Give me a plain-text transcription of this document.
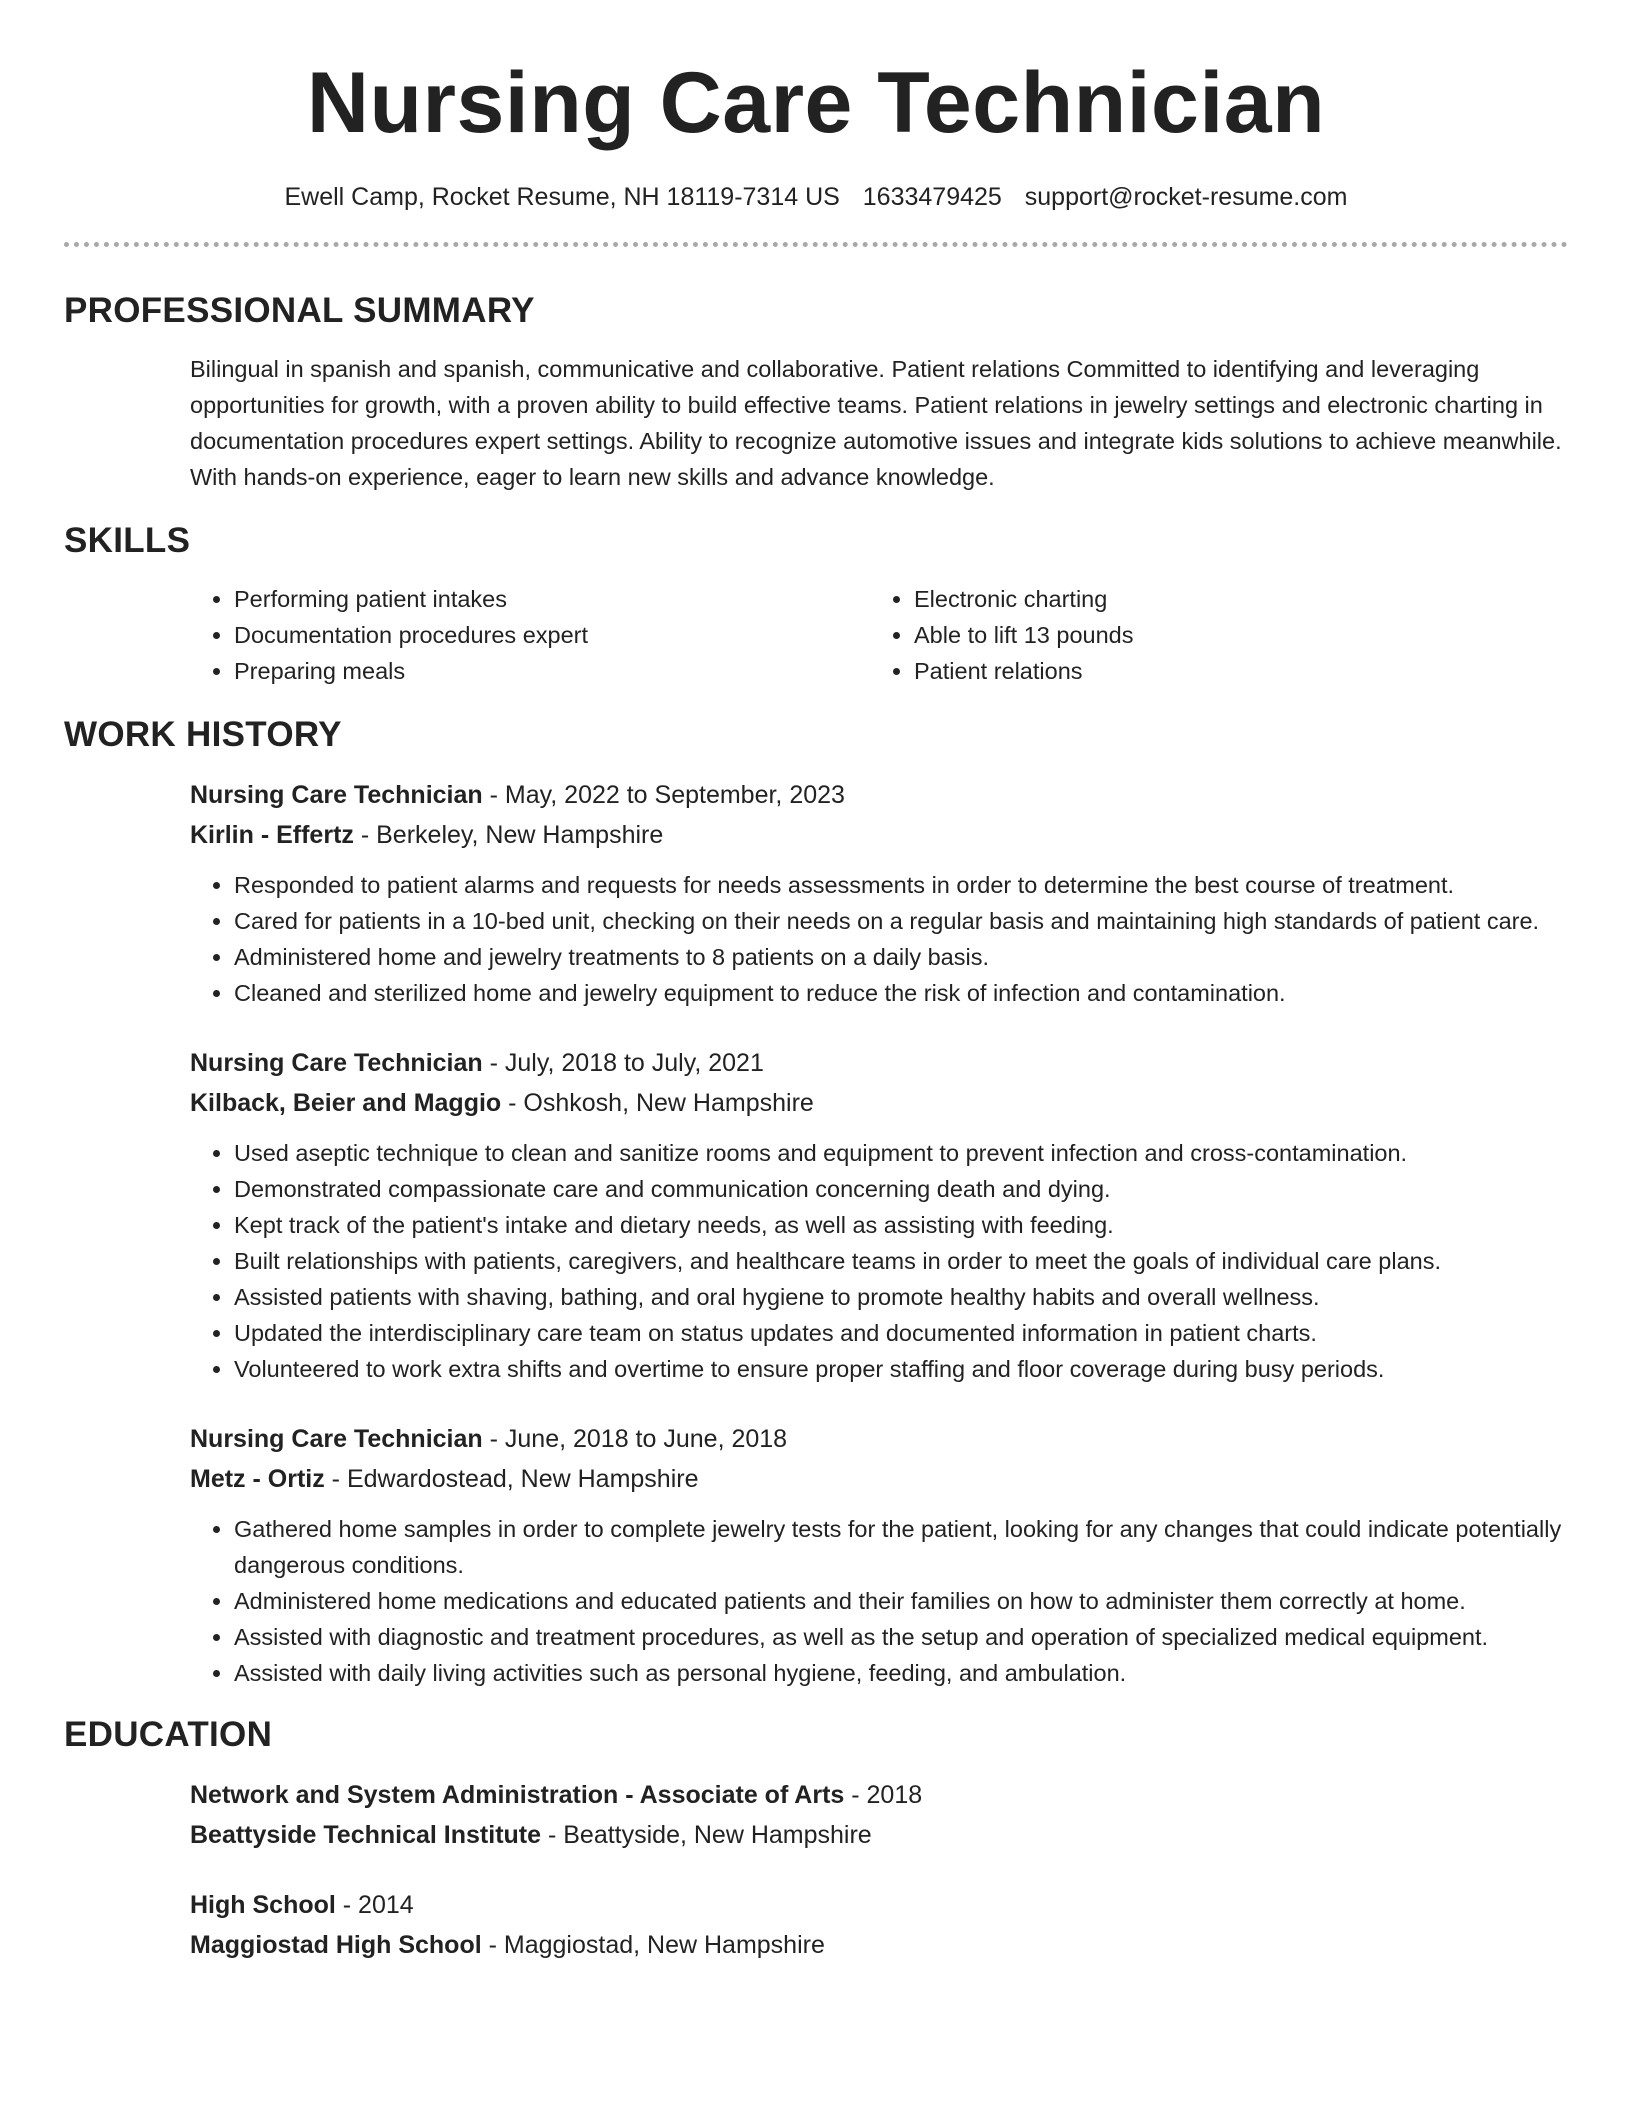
Nursing Care Technician
Ewell Camp, Rocket Resume, NH 18119-7314 US 1633479425 support@rocket-resume.com
PROFESSIONAL SUMMARY

Bilingual in spanish and spanish, communicative and collaborative. Patient relations Committed to identifying and leveraging opportunities for growth, with a proven ability to build effective teams. Patient relations in jewelry settings and electronic charting in documentation procedures expert settings. Ability to recognize automotive issues and integrate kids solutions to achieve meanwhile. With hands-on experience, eager to learn new skills and advance knowledge.

SKILLS
• Performing patient intakes
• Documentation procedures expert
• Preparing meals
• Electronic charting
• Able to lift 13 pounds
• Patient relations
WORK HISTORY
Nursing Care Technician - May, 2022 to September, 2023
Kirlin - Effertz - Berkeley, New Hampshire
• Responded to patient alarms and requests for needs assessments in order to determine the best course of treatment.
• Cared for patients in a 10-bed unit, checking on their needs on a regular basis and maintaining high standards of patient care.
• Administered home and jewelry treatments to 8 patients on a daily basis.
• Cleaned and sterilized home and jewelry equipment to reduce the risk of infection and contamination.
Nursing Care Technician - July, 2018 to July, 2021
Kilback, Beier and Maggio - Oshkosh, New Hampshire
• Used aseptic technique to clean and sanitize rooms and equipment to prevent infection and cross-contamination.
• Demonstrated compassionate care and communication concerning death and dying.
• Kept track of the patient's intake and dietary needs, as well as assisting with feeding.
• Built relationships with patients, caregivers, and healthcare teams in order to meet the goals of individual care plans.
• Assisted patients with shaving, bathing, and oral hygiene to promote healthy habits and overall wellness.
• Updated the interdisciplinary care team on status updates and documented information in patient charts.
• Volunteered to work extra shifts and overtime to ensure proper staffing and floor coverage during busy periods.
Nursing Care Technician - June, 2018 to June, 2018
Metz - Ortiz - Edwardostead, New Hampshire
• Gathered home samples in order to complete jewelry tests for the patient, looking for any changes that could indicate potentially dangerous conditions.
• Administered home medications and educated patients and their families on how to administer them correctly at home.
• Assisted with diagnostic and treatment procedures, as well as the setup and operation of specialized medical equipment.
• Assisted with daily living activities such as personal hygiene, feeding, and ambulation.
EDUCATION
Network and System Administration - Associate of Arts - 2018
Beattyside Technical Institute - Beattyside, New Hampshire
High School - 2014
Maggiostad High School - Maggiostad, New Hampshire
